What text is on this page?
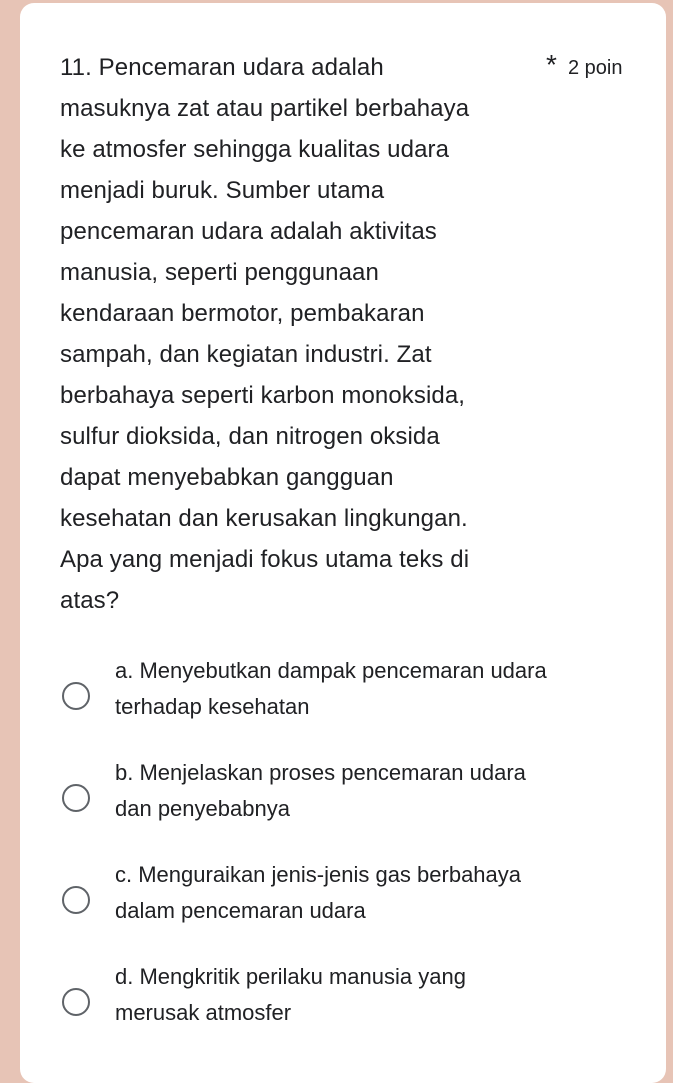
11. Pencemaran udara adalah
masuknya zat atau partikel berbahaya
ke atmosfer sehingga kualitas udara
menjadi buruk. Sumber utama
pencemaran udara adalah aktivitas
manusia, seperti penggunaan
kendaraan bermotor, pembakaran
sampah, dan kegiatan industri. Zat
berbahaya seperti karbon monoksida,
sulfur dioksida, dan nitrogen oksida
dapat menyebabkan gangguan
kesehatan dan kerusakan lingkungan.
Apa yang menjadi fokus utama teks di
atas?
* 2 poin
a. Menyebutkan dampak pencemaran udara
terhadap kesehatan
b. Menjelaskan proses pencemaran udara
dan penyebabnya
c. Menguraikan jenis-jenis gas berbahaya
dalam pencemaran udara
d. Mengkritik perilaku manusia yang
merusak atmosfer
